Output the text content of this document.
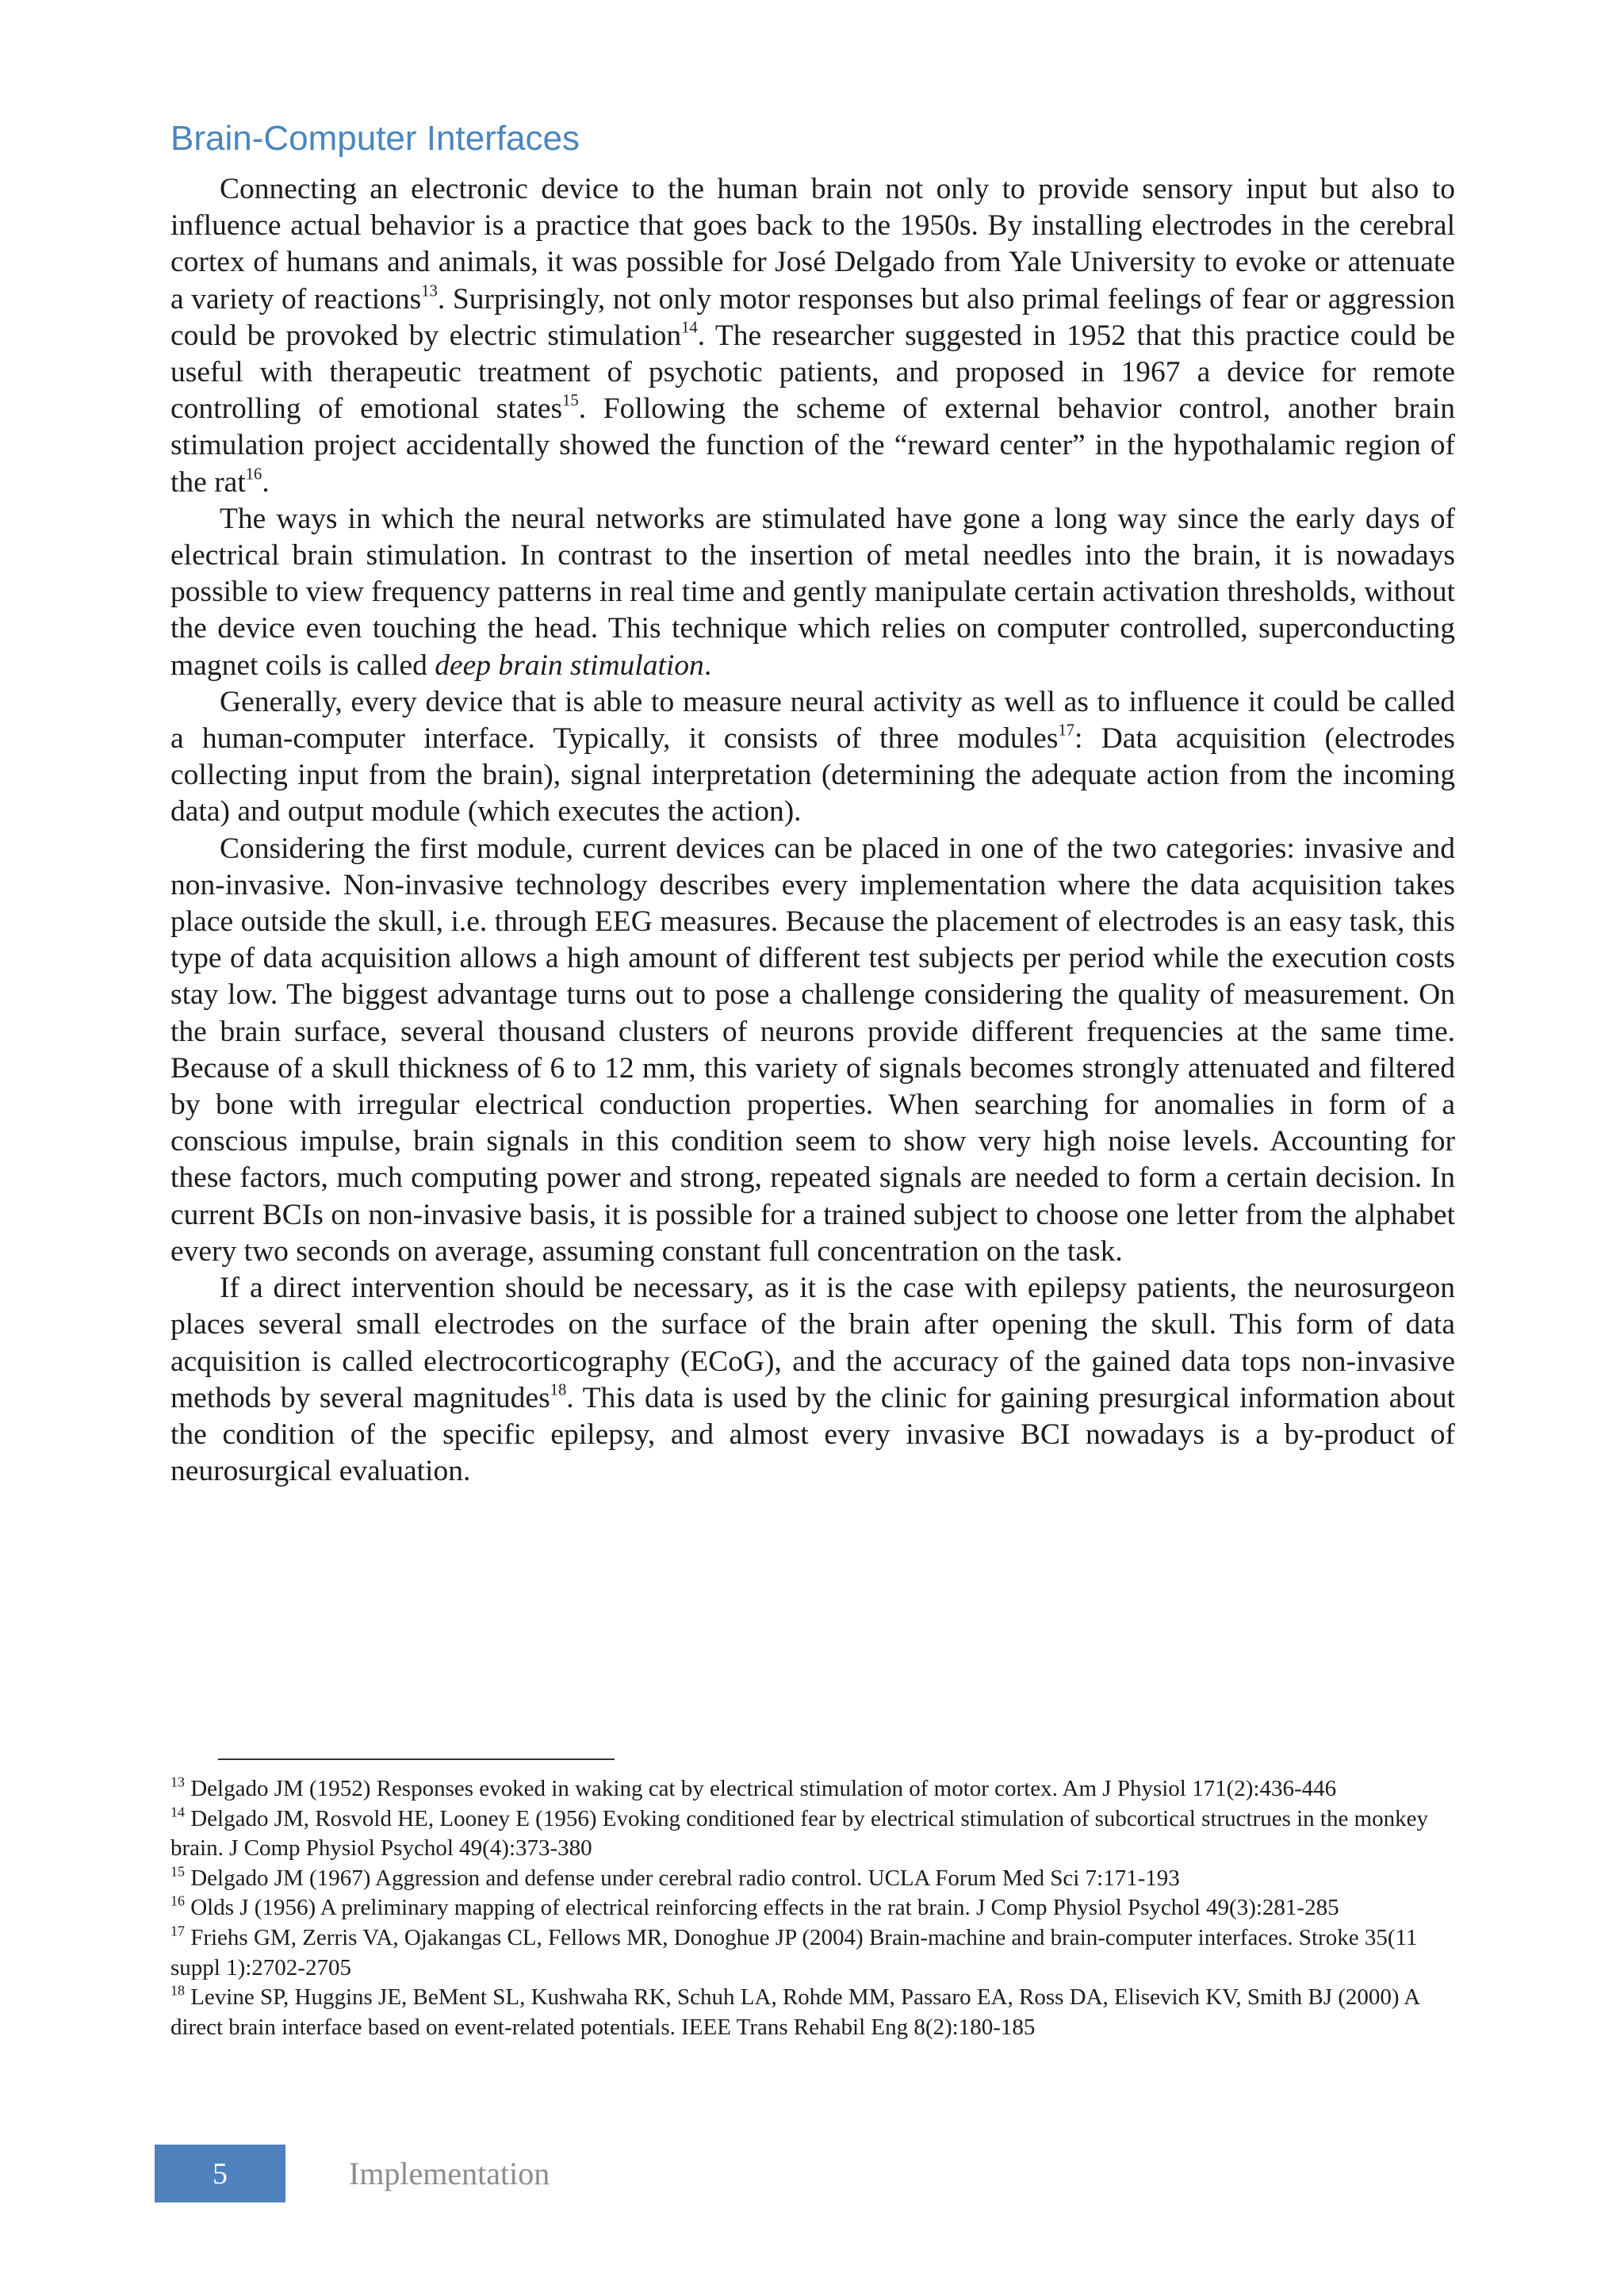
Brain-Computer Interfaces

Connecting an electronic device to the human brain not only to provide sensory input but also to influence actual behavior is a practice that goes back to the 1950s. By installing electrodes in the cerebral cortex of humans and animals, it was possible for José Delgado from Yale University to evoke or attenuate a variety of reactions$^{13}$. Surprisingly, not only motor responses but also primal feelings of fear or aggression could be provoked by electric stimulation$^{14}$. The researcher suggested in 1952 that this practice could be useful with therapeutic treatment of psychotic patients, and proposed in 1967 a device for remote controlling of emotional states$^{15}$. Following the scheme of external behavior control, another brain stimulation project accidentally showed the function of the “reward center” in the hypothalamic region of the rat$^{16}$.

The ways in which the neural networks are stimulated have gone a long way since the early days of electrical brain stimulation. In contrast to the insertion of metal needles into the brain, it is nowadays possible to view frequency patterns in real time and gently manipulate certain activation thresholds, without the device even touching the head. This technique which relies on computer controlled, superconducting magnet coils is called deep brain stimulation.

Generally, every device that is able to measure neural activity as well as to influence it could be called a human-computer interface. Typically, it consists of three modules$^{17}$: Data acquisition (electrodes collecting input from the brain), signal interpretation (determining the adequate action from the incoming data) and output module (which executes the action).

Considering the first module, current devices can be placed in one of the two categories: invasive and non-invasive. Non-invasive technology describes every implementation where the data acquisition takes place outside the skull, i.e. through EEG measures. Because the placement of electrodes is an easy task, this type of data acquisition allows a high amount of different test subjects per period while the execution costs stay low. The biggest advantage turns out to pose a challenge considering the quality of measurement. On the brain surface, several thousand clusters of neurons provide different frequencies at the same time. Because of a skull thickness of 6 to 12 mm, this variety of signals becomes strongly attenuated and filtered by bone with irregular electrical conduction properties. When searching for anomalies in form of a conscious impulse, brain signals in this condition seem to show very high noise levels. Accounting for these factors, much computing power and strong, repeated signals are needed to form a certain decision. In current BCIs on non-invasive basis, it is possible for a trained subject to choose one letter from the alphabet every two seconds on average, assuming constant full concentration on the task.

If a direct intervention should be necessary, as it is the case with epilepsy patients, the neurosurgeon places several small electrodes on the surface of the brain after opening the skull. This form of data acquisition is called electrocorticography (ECoG), and the accuracy of the gained data tops non-invasive methods by several magnitudes$^{18}$. This data is used by the clinic for gaining presurgical information about the condition of the specific epilepsy, and almost every invasive BCI nowadays is a by-product of neurosurgical evaluation.

$^{13}$ Delgado JM (1952) Responses evoked in waking cat by electrical stimulation of motor cortex. Am J Physiol 171(2):436-446

$^{14}$ Delgado JM, Rosvold HE, Looney E (1956) Evoking conditioned fear by electrical stimulation of subcortical structrues in the monkey brain. J Comp Physiol Psychol 49(4):373-380

$^{15}$ Delgado JM (1967) Aggression and defense under cerebral radio control. UCLA Forum Med Sci 7:171-193

$^{16}$ Olds J (1956) A preliminary mapping of electrical reinforcing effects in the rat brain. J Comp Physiol Psychol 49(3):281-285

$^{17}$ Friehs GM, Zerris VA, Ojakangas CL, Fellows MR, Donoghue JP (2004) Brain-machine and brain-computer interfaces. Stroke 35(11 suppl 1):2702-2705

$^{18}$ Levine SP, Huggins JE, BeMent SL, Kushwaha RK, Schuh LA, Rohde MM, Passaro EA, Ross DA, Elisevich KV, Smith BJ (2000) A direct brain interface based on event-related potentials. IEEE Trans Rehabil Eng 8(2):180-185

5	Implementation
